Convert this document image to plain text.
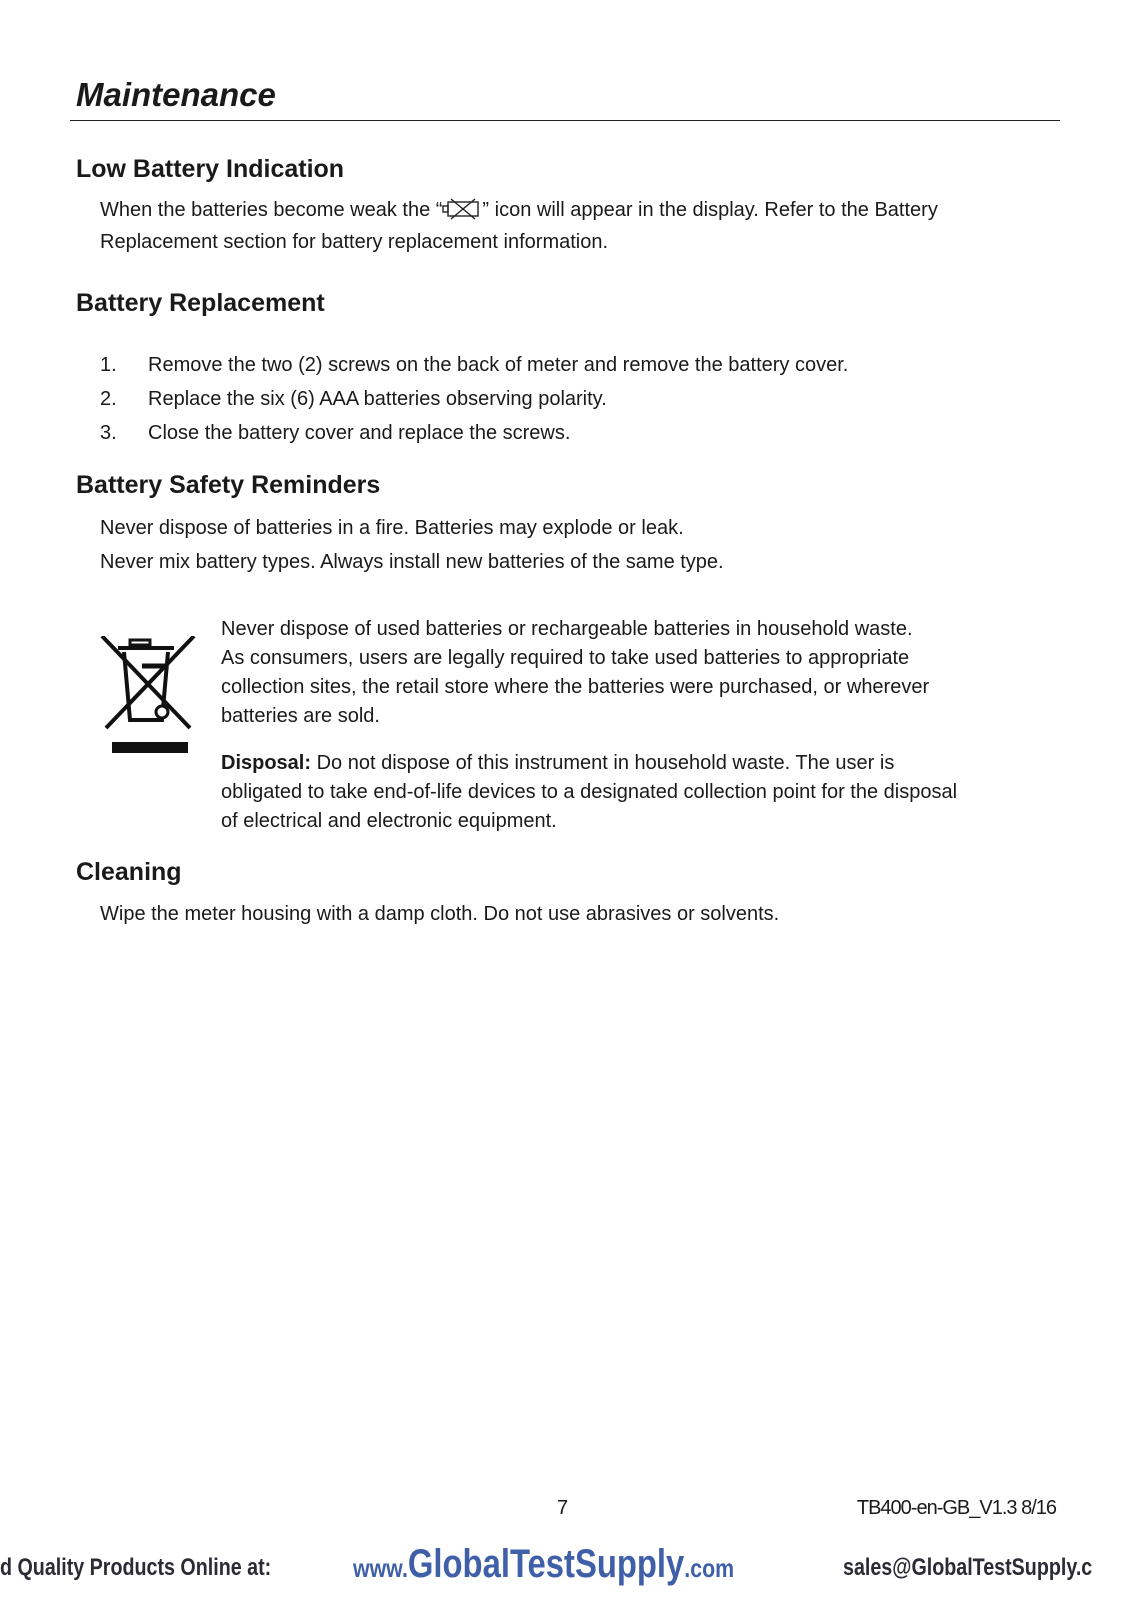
Maintenance
Low Battery Indication

When the batteries become weak the “ ” icon will appear in the display. Refer to the Battery
Replacement section for battery replacement information.

Battery Replacement
1. Remove the two (2) screws on the back of meter and remove the battery cover.
2. Replace the six (6) AAA batteries observing polarity.
3. Close the battery cover and replace the screws.
Battery Safety Reminders

Never dispose of batteries in a fire. Batteries may explode or leak.
Never mix battery types. Always install new batteries of the same type.

Never dispose of used batteries or rechargeable batteries in household waste.
As consumers, users are legally required to take used batteries to appropriate
collection sites, the retail store where the batteries were purchased, or wherever
batteries are sold.

Disposal: Do not dispose of this instrument in household waste. The user is
obligated to take end-of-life devices to a designated collection point for the disposal
of electrical and electronic equipment.

Cleaning

Wipe the meter housing with a damp cloth. Do not use abrasives or solvents.

7	TB400-en-GB_V1.3 8/16
d Quality Products Online at:	www.GlobalTestSupply.com	sales@GlobalTestSupply.c
